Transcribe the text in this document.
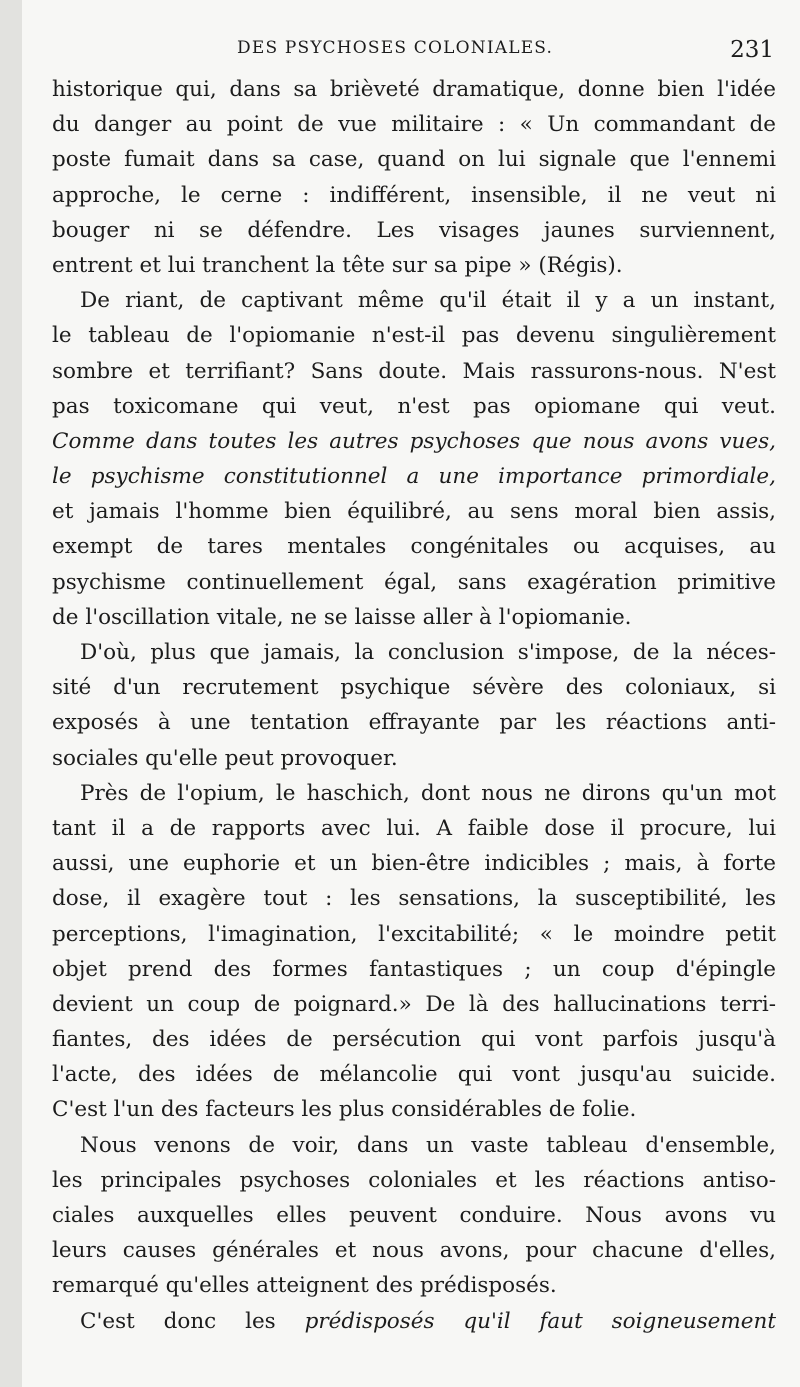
DES PSYCHOSES COLONIALES.	231
historique qui, dans sa brièveté dramatique, donne bien l'idée
du danger au point de vue militaire : « Un commandant de
poste fumait dans sa case, quand on lui signale que l'ennemi
approche, le cerne : indifférent, insensible, il ne veut ni
bouger ni se défendre. Les visages jaunes surviennent,
entrent et lui tranchent la tête sur sa pipe » (Régis).
De riant, de captivant même qu'il était il y a un instant,
le tableau de l'opiomanie n'est-il pas devenu singulièrement
sombre et terrifiant? Sans doute. Mais rassurons-nous. N'est
pas toxicomane qui veut, n'est pas opiomane qui veut.
Comme dans toutes les autres psychoses que nous avons vues,
le psychisme constitutionnel a une importance primordiale,
et jamais l'homme bien équilibré, au sens moral bien assis,
exempt de tares mentales congénitales ou acquises, au
psychisme continuellement égal, sans exagération primitive
de l'oscillation vitale, ne se laisse aller à l'opiomanie.
D'où, plus que jamais, la conclusion s'impose, de la néces-
sité d'un recrutement psychique sévère des coloniaux, si
exposés à une tentation effrayante par les réactions anti-
sociales qu'elle peut provoquer.
Près de l'opium, le haschich, dont nous ne dirons qu'un mot
tant il a de rapports avec lui. A faible dose il procure, lui
aussi, une euphorie et un bien-être indicibles ; mais, à forte
dose, il exagère tout : les sensations, la susceptibilité, les
perceptions, l'imagination, l'excitabilité; « le moindre petit
objet prend des formes fantastiques ; un coup d'épingle
devient un coup de poignard.» De là des hallucinations terri-
fiantes, des idées de persécution qui vont parfois jusqu'à
l'acte, des idées de mélancolie qui vont jusqu'au suicide.
C'est l'un des facteurs les plus considérables de folie.
Nous venons de voir, dans un vaste tableau d'ensemble,
les principales psychoses coloniales et les réactions antiso-
ciales auxquelles elles peuvent conduire. Nous avons vu
leurs causes générales et nous avons, pour chacune d'elles,
remarqué qu'elles atteignent des prédisposés.
C'est donc les prédisposés qu'il faut soigneusement
